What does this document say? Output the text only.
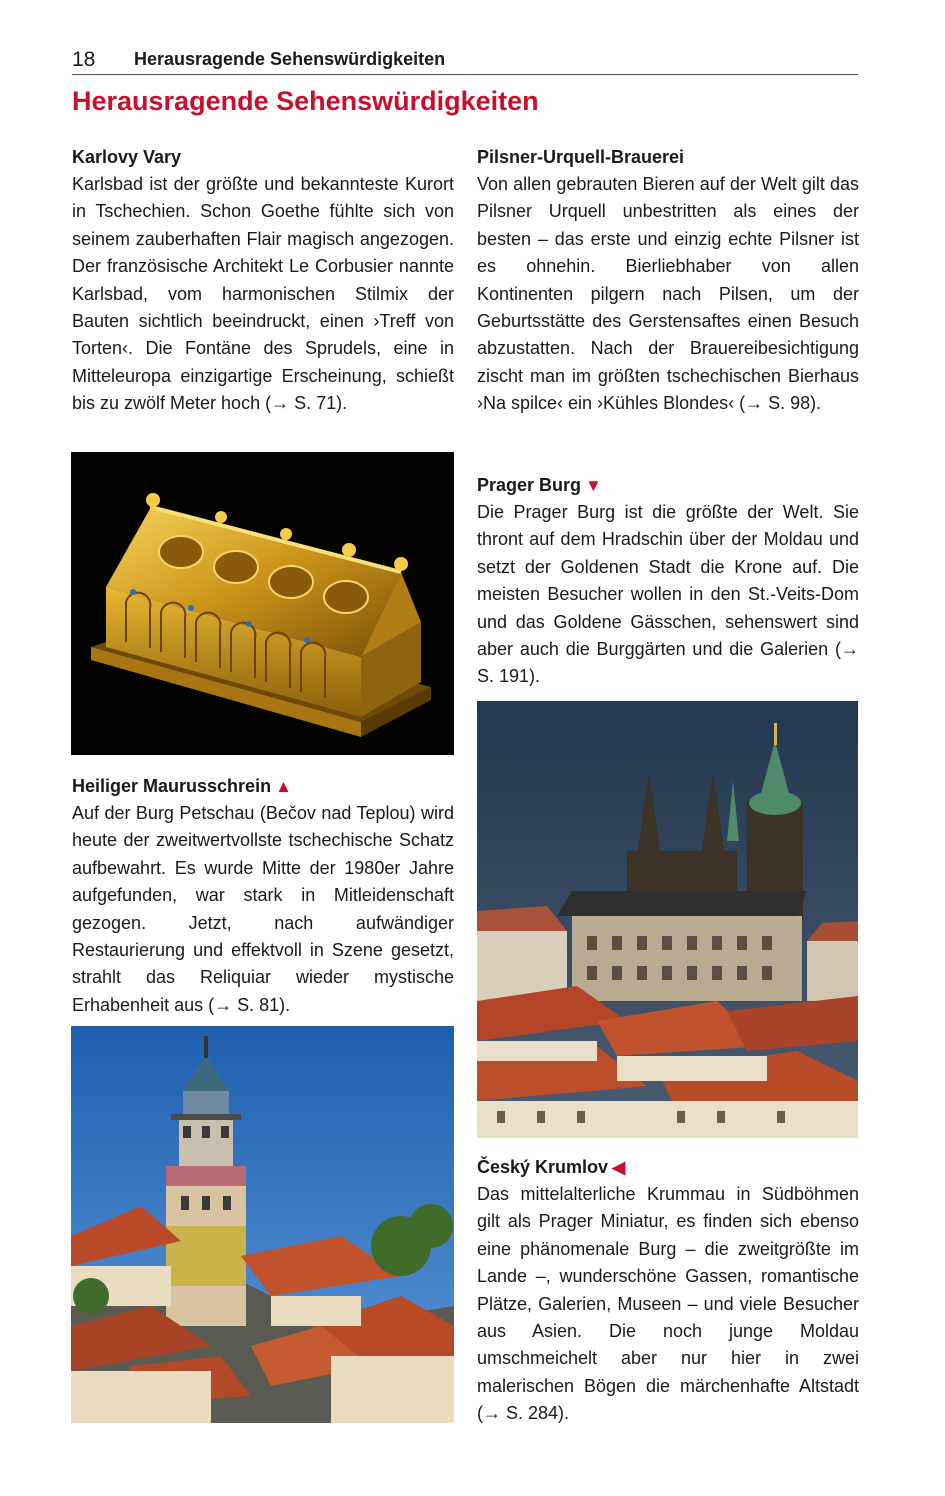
18 Herausragende Sehenswürdigkeiten
Herausragende Sehenswürdigkeiten
Karlovy Vary

Karlsbad ist der größte und bekannteste Kurort in Tschechien. Schon Goethe fühlte sich von seinem zauberhaften Flair magisch angezogen. Der französische Architekt Le Corbusier nannte Karlsbad, vom harmonischen Stilmix der Bauten sichtlich beeindruckt, einen ›Treff von Torten‹. Die Fontäne des Sprudels, eine in Mitteleuropa einzigartige Erscheinung, schießt bis zu zwölf Meter hoch (→ S. 71).

Heiliger Maurusschrein ▲

Auf der Burg Petschau (Bečov nad Teplou) wird heute der zweitwertvollste tschechische Schatz aufbewahrt. Es wurde Mitte der 1980er Jahre aufgefunden, war stark in Mitleidenschaft gezogen. Jetzt, nach aufwändiger Restaurierung und effektvoll in Szene gesetzt, strahlt das Reliquiar wieder mystische Erhabenheit aus (→ S. 81).

Pilsner-Urquell-Brauerei

Von allen gebrauten Bieren auf der Welt gilt das Pilsner Urquell unbestritten als eines der besten – das erste und einzig echte Pilsner ist es ohnehin. Bierliebhaber von allen Kontinenten pilgern nach Pilsen, um der Geburtsstätte des Gerstensaftes einen Besuch abzustatten. Nach der Brauereibesichtigung zischt man im größten tschechischen Bierhaus ›Na spilce‹ ein ›Kühles Blondes‹ (→ S. 98).

Prager Burg ▼

Die Prager Burg ist die größte der Welt. Sie thront auf dem Hradschin über der Moldau und setzt der Goldenen Stadt die Krone auf. Die meisten Besucher wollen in den St.-Veits-Dom und das Goldene Gässchen, sehenswert sind aber auch die Burggärten und die Galerien (→ S. 191).

Český Krumlov ◀

Das mittelalterliche Krummau in Südböhmen gilt als Prager Miniatur, es finden sich ebenso eine phänomenale Burg – die zweitgrößte im Lande –, wunderschöne Gassen, romantische Plätze, Galerien, Museen – und viele Besucher aus Asien. Die noch junge Moldau umschmeichelt aber nur hier in zwei malerischen Bögen die märchenhafte Altstadt (→ S. 284).
